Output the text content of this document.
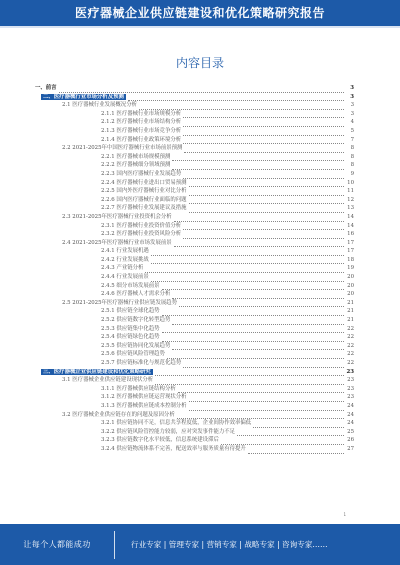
医疗器械企业供应链建设和优化策略研究报告
内容目录
一、前言	3
二、医疗器械行业市场分析及预测	3
2.1 医疗器械行业发展概况分析	3
2.1.1 医疗器械行业市场规模分析	3
2.1.2 医疗器械行业市场结构分析	4
2.1.3 医疗器械行业市场竞争分析	5
2.1.4 医疗器械行业政策环境分析	7
2.2 2021-2025年中国医疗器械行业市场前景预测	8
2.2.1 医疗器械市场规模预测	8
2.2.2 医疗器械细分领域预测	8
2.2.3 国内医疗器械行业发展趋势	9
2.2.4 医疗器械行业进出口贸易预测	10
2.2.5 国内外医疗器械行业对比分析	11
2.2.6 国内医疗器械行业面临的问题	12
2.2.7 医疗器械行业发展建议及措施	13
2.3 2021-2025年医疗器械行业投资机会分析	14
2.3.1 医疗器械行业投资价值分析	14
2.3.2 医疗器械行业投资风险分析	16
2.4 2021-2025年医疗器械行业市场发展前景	17
2.4.1 行业发展机遇	17
2.4.2 行业发展挑战	18
2.4.3 产业链分析	19
2.4.4 行业发展前景	20
2.4.5 细分市场发展前景	20
2.4.6 医疗器械人才需求分析	20
2.5 2021-2025年医疗器械行业供应链发展趋势	21
2.5.1 供应链全球化趋势	21
2.5.2 供应链数字化转型趋势	21
2.5.3 供应链集中化趋势	22
2.5.4 供应链绿色化趋势	22
2.5.5 供应链协同化发展趋势	22
2.5.6 供应链风险管理趋势	22
2.5.7 供应链标准化与规范化趋势	22
三、医疗器械企业供应链建设和优化策略研究	23
3.1 医疗器械企业供应链建设现状分析	23
3.1.1 医疗器械供应链结构分析	23
3.1.2 医疗器械供应链运营现状分析	23
3.1.3 医疗器械供应链成本控制分析	24
3.2 医疗器械企业供应链存在的问题及原因分析	24
3.2.1 供应链协同不足，信息共享程度低，企业间协作效率偏低	24
3.2.2 供应链风险管控能力较弱，应对突发事件能力不足	25
3.2.3 供应链数字化水平较低，信息系统建设滞后	26
3.2.4 供应链物流体系不完善，配送效率与服务质量有待提升	27
1
让每个人都能成功	行业专家 | 管理专家 | 营销专家 | 战略专家 | 咨询专家……
